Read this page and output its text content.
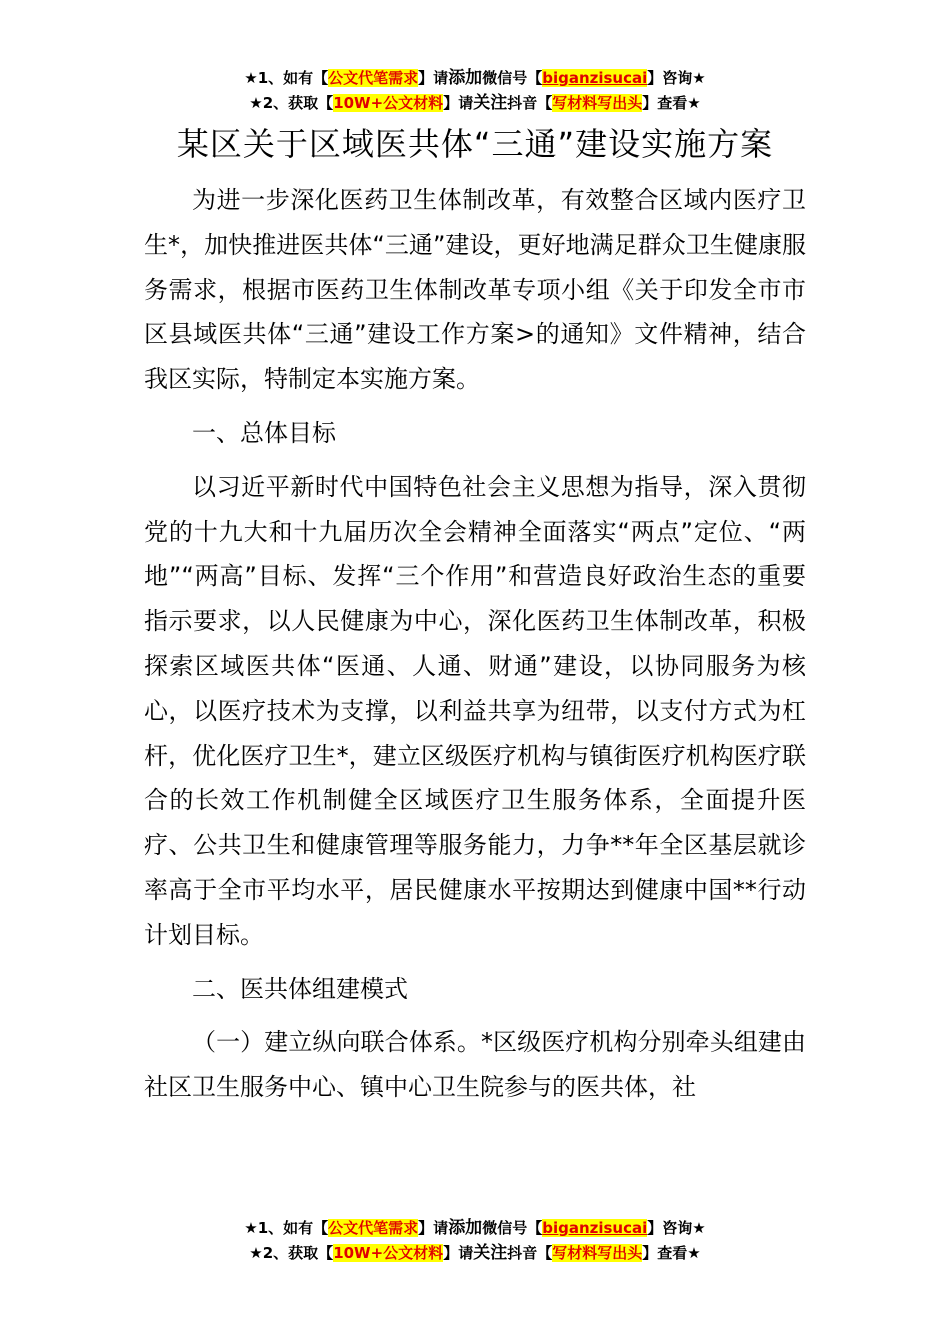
★1、如有【公文代笔需求】请添加微信号【biganzisucai】咨询★
★2、获取【10W+公文材料】请关注抖音【写材料写出头】查看★
某区关于区域医共体“三通”建设实施方案

为进一步深化医药卫生体制改革，有效整合区域内医疗卫生*，加快推进医共体“三通”建设，更好地满足群众卫生健康服务需求，根据市医药卫生体制改革专项小组《关于印发全市市区县域医共体“三通”建设工作方案>的通知》文件精神，结合我区实际，特制定本实施方案。

一、总体目标

以习近平新时代中国特色社会主义思想为指导，深入贯彻党的十九大和十九届历次全会精神全面落实“两点”定位、“两地”“两高”目标、发挥“三个作用”和营造良好政治生态的重要指示要求，以人民健康为中心，深化医药卫生体制改革，积极探索区域医共体“医通、人通、财通”建设，以协同服务为核心，以医疗技术为支撑，以利益共享为纽带，以支付方式为杠杆，优化医疗卫生*，建立区级医疗机构与镇街医疗机构医疗联合的长效工作机制健全区域医疗卫生服务体系，全面提升医疗、公共卫生和健康管理等服务能力，力争**年全区基层就诊率高于全市平均水平，居民健康水平按期达到健康中国**行动计划目标。

二、医共体组建模式

（一）建立纵向联合体系。*区级医疗机构分别牵头组建由社区卫生服务中心、镇中心卫生院参与的医共体，社

★1、如有【公文代笔需求】请添加微信号【biganzisucai】咨询★
★2、获取【10W+公文材料】请关注抖音【写材料写出头】查看★
